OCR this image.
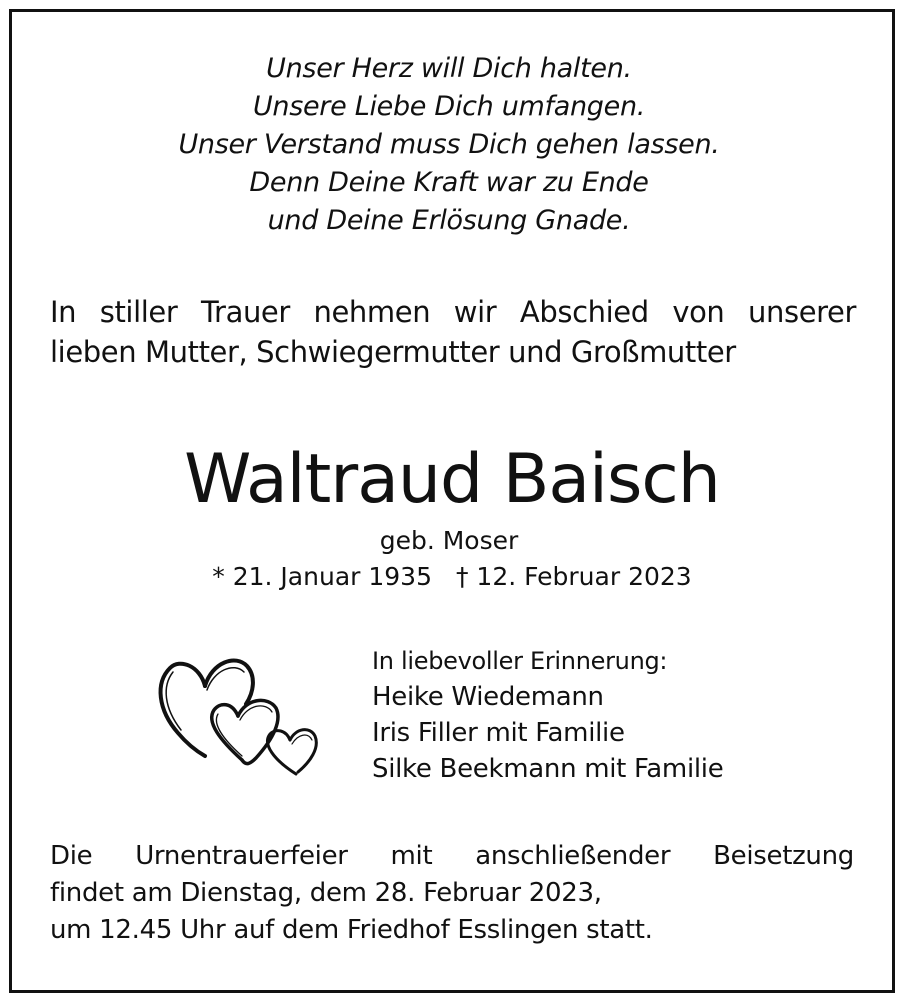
Unser Herz will Dich halten.
Unsere Liebe Dich umfangen.
Unser Verstand muss Dich gehen lassen.
Denn Deine Kraft war zu Ende
und Deine Erlösung Gnade.
In stiller Trauer nehmen wir Abschied von unserer
lieben Mutter, Schwiegermutter und Großmutter
Waltraud Baisch
geb. Moser
* 21. Januar 1935 † 12. Februar 2023
In liebevoller Erinnerung:
Heike Wiedemann
Iris Filler mit Familie
Silke Beekmann mit Familie
Die Urnentrauerfeier mit anschließender Beisetzung
findet am Dienstag, dem 28. Februar 2023,
um 12.45 Uhr auf dem Friedhof Esslingen statt.
